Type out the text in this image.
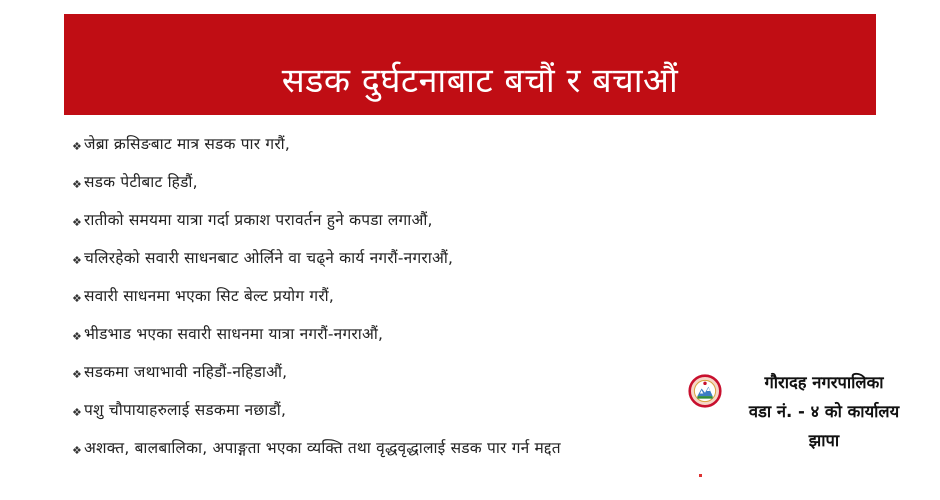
सडक दुर्घटनाबाट बचौं र बचाऔं
❖ जेब्रा क्रसिङबाट मात्र सडक पार गरौं,
❖ सडक पेटीबाट हिडौं,
❖ रातीको समयमा यात्रा गर्दा प्रकाश परावर्तन हुने कपडा लगाऔं,
❖ चलिरहेको सवारी साधनबाट ओर्लिने वा चढ्ने कार्य नगरौं-नगराऔं,
❖ सवारी साधनमा भएका सिट बेल्ट प्रयोग गरौं,
❖ भीडभाड भएका सवारी साधनमा यात्रा नगरौं-नगराऔं,
❖ सडकमा जथाभावी नहिडौं-नहिडाऔं,
❖ पशु चौपायाहरुलाई सडकमा नछाडौं,
❖ अशक्त, बालबालिका, अपाङ्गता भएका व्यक्ति तथा वृद्धवृद्धालाई सडक पार गर्न मद्दत
गौरादह नगरपालिका
वडा नं. - ४ को कार्यालय
झापा
